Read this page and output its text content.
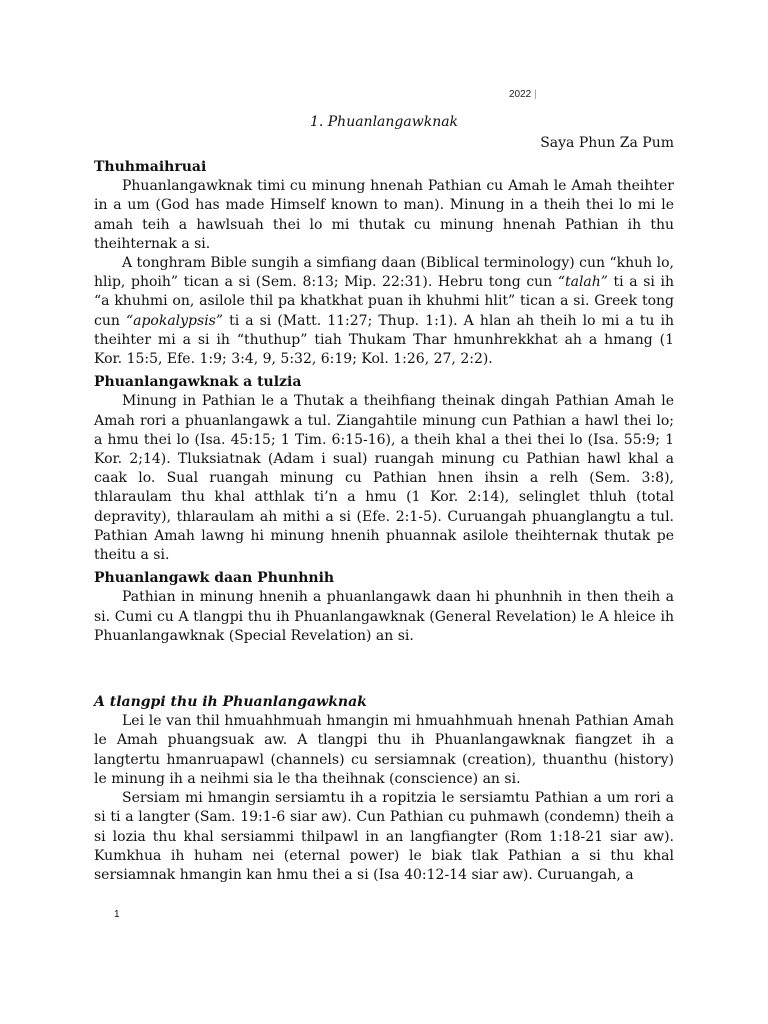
2022 |
1. Phuanlangawknak
Saya Phun Za Pum
Thuhmaihruai

Phuanlangawknak timi cu minung hnenah Pathian cu Amah le Amah theihter in a um (God has made Himself known to man). Minung in a theih thei lo mi le amah teih a hawlsuah thei lo mi thutak cu minung hnenah Pathian ih thu theihternak a si.

A tonghram Bible sungih a simfiang daan (Biblical terminology) cun “khuh lo, hlip, phoih” tican a si (Sem. 8:13; Mip. 22:31). Hebru tong cun “talah” ti a si ih “a khuhmi on, asilole thil pa khatkhat puan ih khuhmi hlit” tican a si. Greek tong cun “apokalypsis” ti a si (Matt. 11:27; Thup. 1:1). A hlan ah theih lo mi a tu ih theihter mi a si ih “thuthup” tiah Thukam Thar hmunhrekkhat ah a hmang (1 Kor. 15:5, Efe. 1:9; 3:4, 9, 5:32, 6:19; Kol. 1:26, 27, 2:2).

Phuanlangawknak a tulzia

Minung in Pathian le a Thutak a theihfiang theinak dingah Pathian Amah le Amah rori a phuanlangawk a tul. Ziangahtile minung cun Pathian a hawl thei lo; a hmu thei lo (Isa. 45:15; 1 Tim. 6:15-16), a theih khal a thei thei lo (Isa. 55:9; 1 Kor. 2;14). Tluksiatnak (Adam i sual) ruangah minung cu Pathian hawl khal a caak lo. Sual ruangah minung cu Pathian hnen ihsin a relh (Sem. 3:8), thlaraulam thu khal atthlak ti’n a hmu (1 Kor. 2:14), selinglet thluh (total depravity), thlaraulam ah mithi a si (Efe. 2:1-5). Curuangah phuanglangtu a tul. Pathian Amah lawng hi minung hnenih phuannak asilole theihternak thutak pe theitu a si.

Phuanlangawk daan Phunhnih

Pathian in minung hnenih a phuanlangawk daan hi phunhnih in then theih a si. Cumi cu A tlangpi thu ih Phuanlangawknak (General Revelation) le A hleice ih Phuanlangawknak (Special Revelation) an si.

A tlangpi thu ih Phuanlangawknak

Lei le van thil hmuahhmuah hmangin mi hmuahhmuah hnenah Pathian Amah le Amah phuangsuak aw. A tlangpi thu ih Phuanlangawknak fiangzet ih a langtertu hmanruapawl (channels) cu sersiamnak (creation), thuanthu (history) le minung ih a neihmi sia le tha theihnak (conscience) an si.

Sersiam mi hmangin sersiamtu ih a ropitzia le sersiamtu Pathian a um rori a si ti a langter (Sam. 19:1-6 siar aw). Cun Pathian cu puhmawh (condemn) theih a si lozia thu khal sersiammi thilpawl in an langfiangter (Rom 1:18-21 siar aw). Kumkhua ih huham nei (eternal power) le biak tlak Pathian a si thu khal sersiamnak hmangin kan hmu thei a si (Isa 40:12-14 siar aw). Curuangah, a

1
